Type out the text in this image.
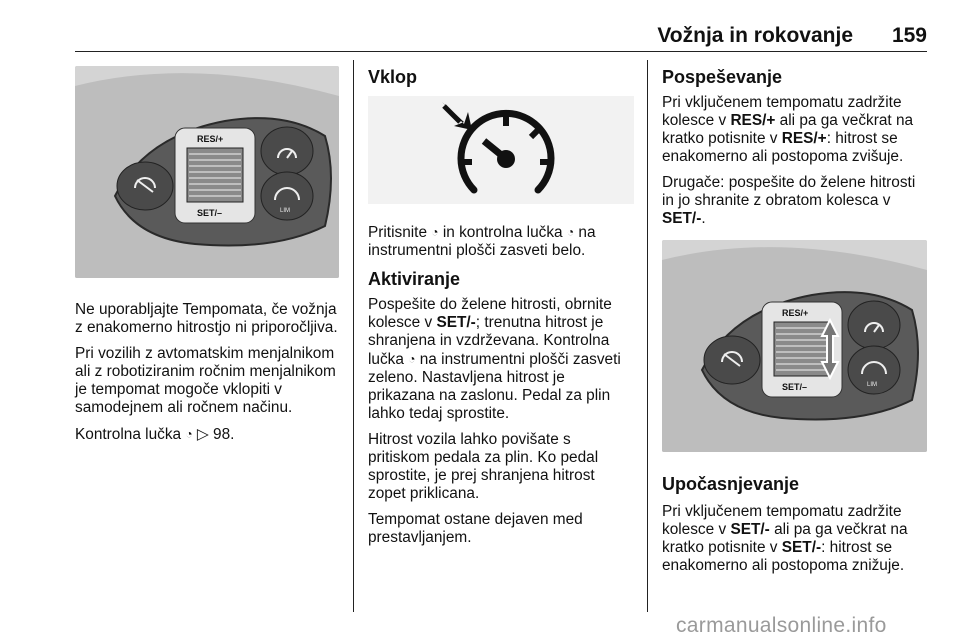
Vožnja in rokovanje 159
RES/+
SET/–	LIM

Ne uporabljajte Tempomata, če vožnja z enakomerno hitrostjo ni priporočljiva.

Pri vozilih z avtomatskim menjalnikom ali z robotiziranim ročnim menjalnikom je tempomat mogoče vklopiti v samodejnem ali ročnem načinu.

Kontrolna lučka ◔ ▷ 98.

Vklop

Pritisnite ◔ in kontrolna lučka ◔ na instrumentni plošči zasveti belo.

Aktiviranje

Pospešite do želene hitrosti, obrnite kolesce v SET/-; trenutna hitrost je shranjena in vzdrževana. Kontrolna lučka ◔ na instrumentni plošči zasveti zeleno. Nastavljena hitrost je prikazana na zaslonu. Pedal za plin lahko tedaj sprostite.

Hitrost vozila lahko povišate s pritiskom pedala za plin. Ko pedal sprostite, je prej shranjena hitrost zopet priklicana.

Tempomat ostane dejaven med prestavljanjem.

Pospeševanje

Pri vključenem tempomatu zadržite kolesce v RES/+ ali pa ga večkrat na kratko potisnite v RES/+: hitrost se enakomerno ali postopoma zvišuje.

Drugače: pospešite do želene hitrosti in jo shranite z obratom kolesca v SET/-.

RES/+
SET/–	LIM
Upočasnjevanje

Pri vključenem tempomatu zadržite kolesce v SET/- ali pa ga večkrat na kratko potisnite v SET/-: hitrost se enakomerno ali postopoma znižuje.

carmanualsonline.info
